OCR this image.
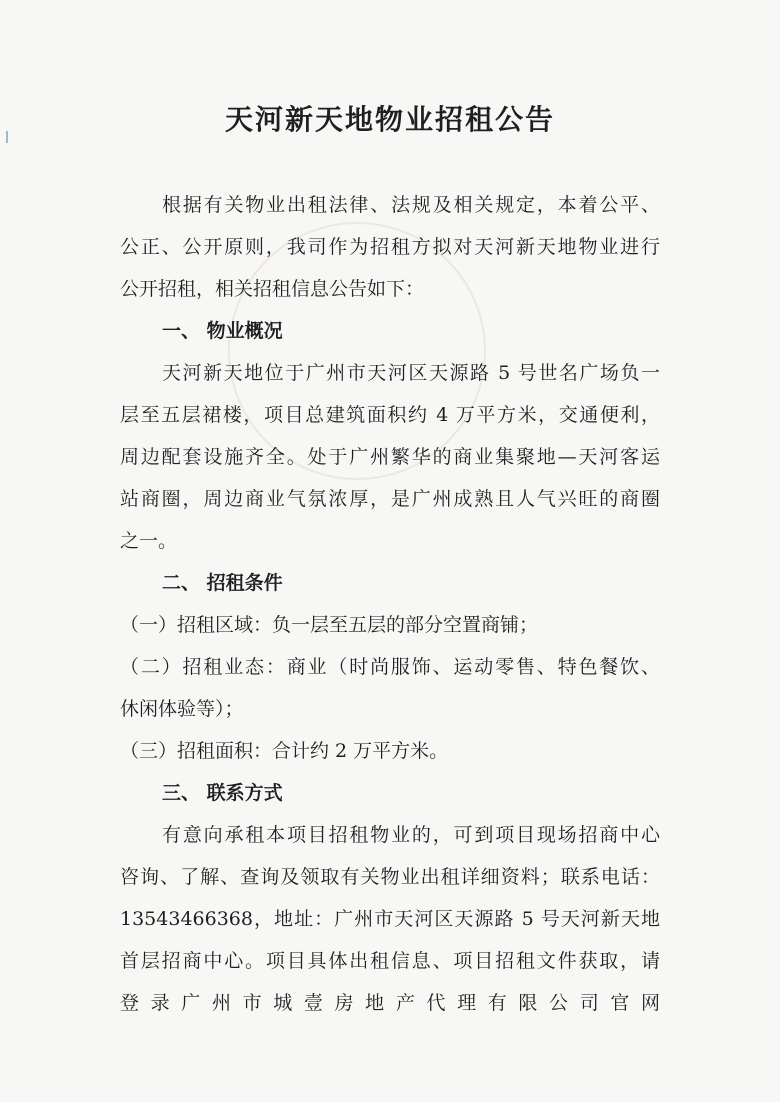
天河新天地物业招租公告

根据有关物业出租法律、法规及相关规定，本着公平、

公正、公开原则，我司作为招租方拟对天河新天地物业进行

公开招租，相关招租信息公告如下：

一、 物业概况

天河新天地位于广州市天河区天源路 5 号世名广场负一

层至五层裙楼，项目总建筑面积约 4 万平方米，交通便利，

周边配套设施齐全。处于广州繁华的商业集聚地—天河客运

站商圈，周边商业气氛浓厚，是广州成熟且人气兴旺的商圈

之一。

二、 招租条件

（一）招租区域：负一层至五层的部分空置商铺；

（二）招租业态：商业（时尚服饰、运动零售、特色餐饮、

休闲体验等）；

（三）招租面积：合计约 2 万平方米。

三、 联系方式

有意向承租本项目招租物业的，可到项目现场招商中心

咨询、了解、查询及领取有关物业出租详细资料；联系电话：

13543466368，地址：广州市天河区天源路 5 号天河新天地

首层招商中心。项目具体出租信息、项目招租文件获取，请

登录广州市城壹房地产代理有限公司官网
